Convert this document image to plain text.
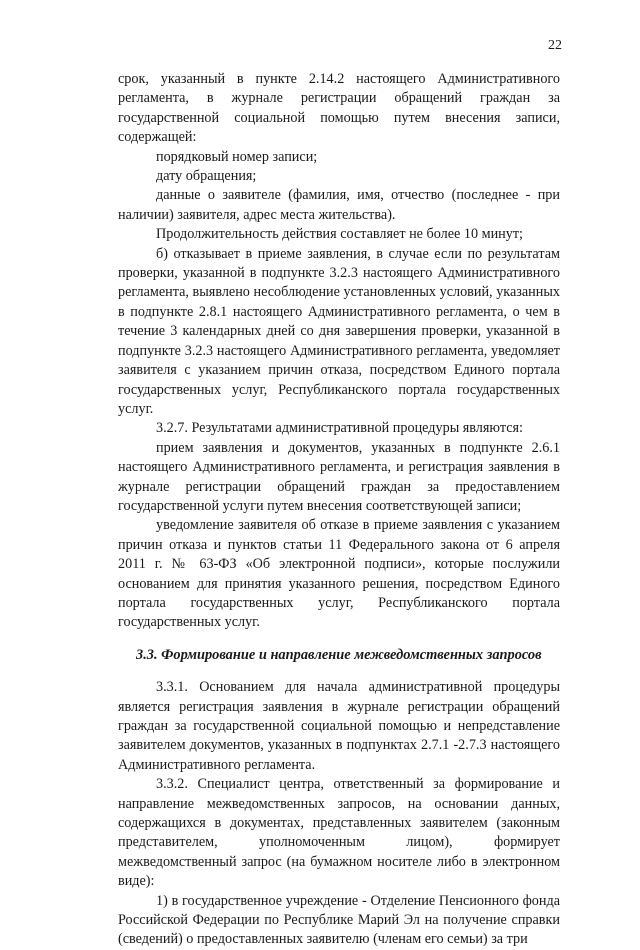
22

срок, указанный в пункте 2.14.2 настоящего Административного регламента, в журнале регистрации обращений граждан за государственной социальной помощью путем внесения записи, содержащей:

порядковый номер записи;

дату обращения;

данные о заявителе (фамилия, имя, отчество (последнее - при наличии) заявителя, адрес места жительства).

Продолжительность действия составляет не более 10 минут;

б) отказывает в приеме заявления, в случае если по результатам проверки, указанной в подпункте 3.2.3 настоящего Административного регламента, выявлено несоблюдение установленных условий, указанных в подпункте 2.8.1 настоящего Административного регламента, о чем в течение 3 календарных дней со дня завершения проверки, указанной в подпункте 3.2.3 настоящего Административного регламента, уведомляет заявителя с указанием причин отказа, посредством Единого портала государственных услуг, Республиканского портала государственных услуг.

3.2.7. Результатами административной процедуры являются:

прием заявления и документов, указанных в подпункте 2.6.1 настоящего Административного регламента, и регистрация заявления в журнале регистрации обращений граждан за предоставлением государственной услуги путем внесения соответствующей записи;

уведомление заявителя об отказе в приеме заявления с указанием причин отказа и пунктов статьи 11 Федерального закона от 6 апреля 2011 г. № 63-ФЗ «Об электронной подписи», которые послужили основанием для принятия указанного решения, посредством Единого портала государственных услуг, Республиканского портала государственных услуг.

3.3. Формирование и направление межведомственных запросов

3.3.1. Основанием для начала административной процедуры является регистрация заявления в журнале регистрации обращений граждан за государственной социальной помощью и непредставление заявителем документов, указанных в подпунктах 2.7.1 -2.7.3 настоящего Административного регламента.

3.3.2. Специалист центра, ответственный за формирование и направление межведомственных запросов, на основании данных, содержащихся в документах, представленных заявителем (законным представителем, уполномоченным лицом), формирует межведомственный запрос (на бумажном носителе либо в электронном виде):

1) в государственное учреждение - Отделение Пенсионного фонда Российской Федерации по Республике Марий Эл на получение справки (сведений) о предоставленных заявителю (членам его семьи) за три
